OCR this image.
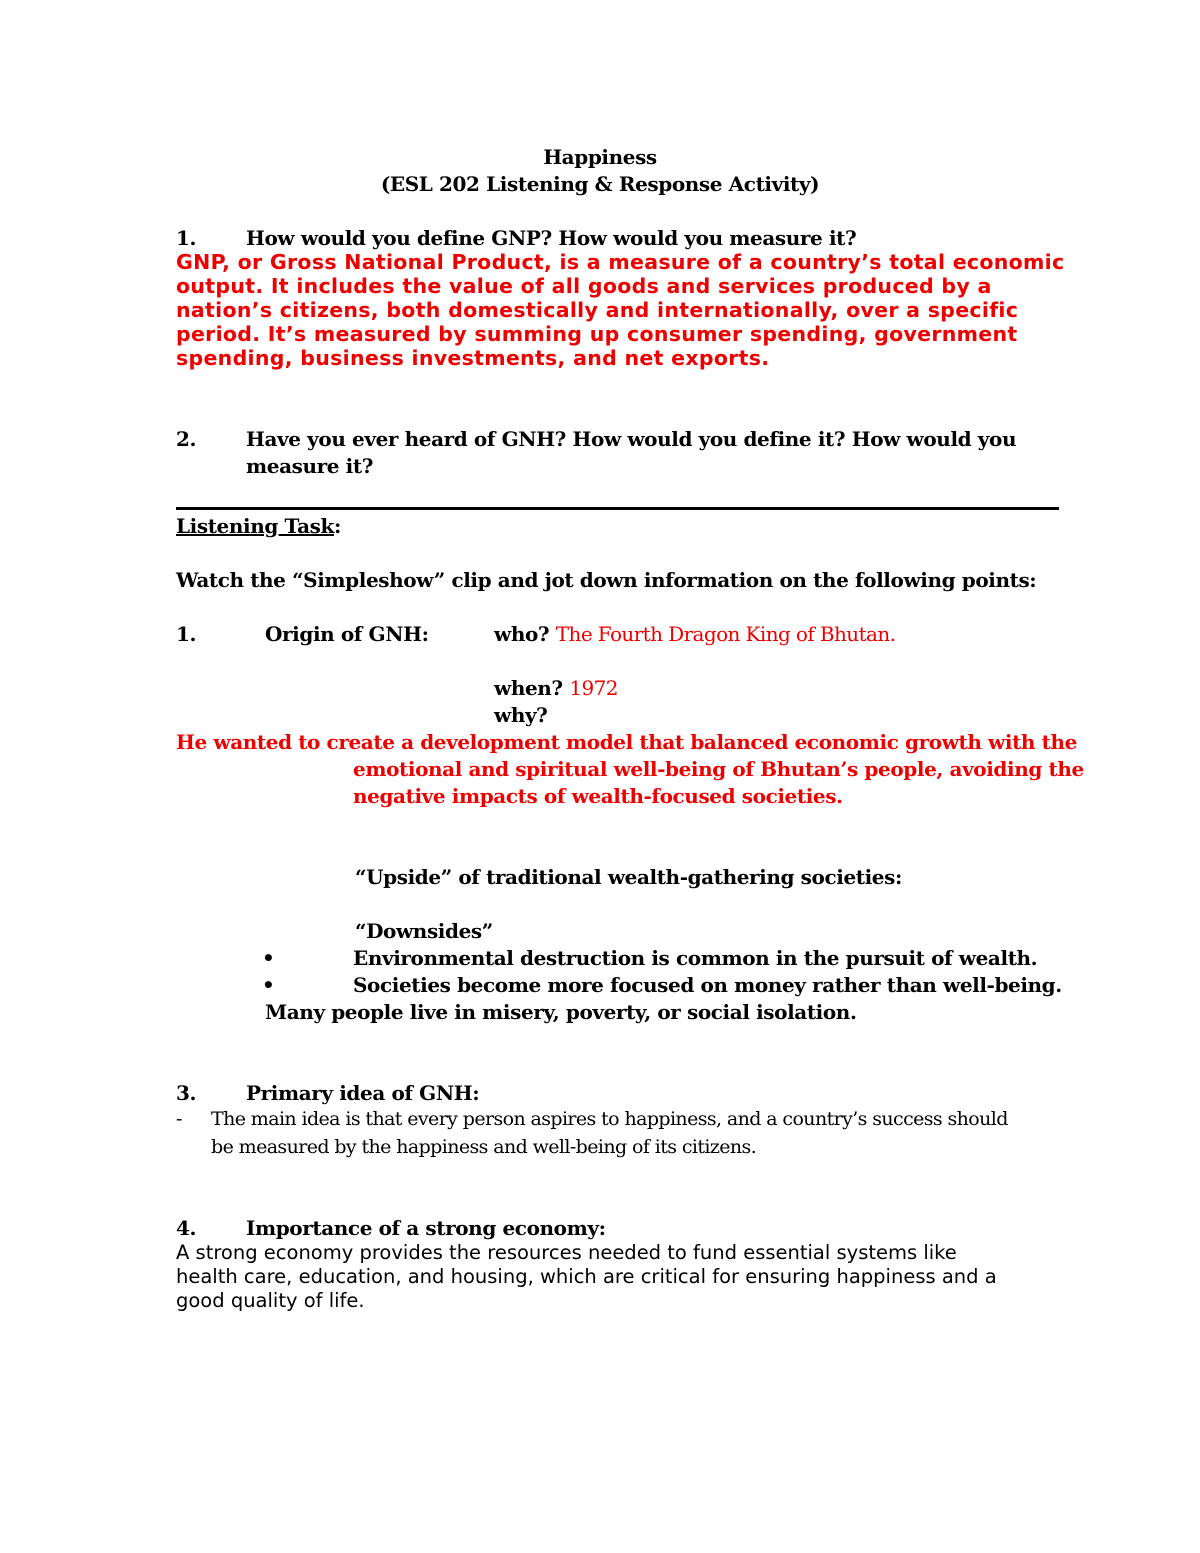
Happiness
(ESL 202 Listening & Response Activity)
1. How would you define GNP? How would you measure it?
GNP, or Gross National Product, is a measure of a country’s total economic
output. It includes the value of all goods and services produced by a
nation’s citizens, both domestically and internationally, over a specific
period. It’s measured by summing up consumer spending, government
spending, business investments, and net exports.
2. Have you ever heard of GNH? How would you define it? How would you
measure it?
Listening Task:
Watch the “Simpleshow” clip and jot down information on the following points:
1.	Origin of GNH:	who? The Fourth Dragon King of Bhutan.
when? 1972
why?
He wanted to create a development model that balanced economic growth with the
emotional and spiritual well-being of Bhutan’s people, avoiding the
negative impacts of wealth-focused societies.
“Upside” of traditional wealth-gathering societies:
“Downsides”
•	Environmental destruction is common in the pursuit of wealth.
•	Societies become more focused on money rather than well-being.
Many people live in misery, poverty, or social isolation.
3. Primary idea of GNH:
- The main idea is that every person aspires to happiness, and a country’s success should
be measured by the happiness and well-being of its citizens.
4. Importance of a strong economy:
A strong economy provides the resources needed to fund essential systems like
health care, education, and housing, which are critical for ensuring happiness and a
good quality of life.
